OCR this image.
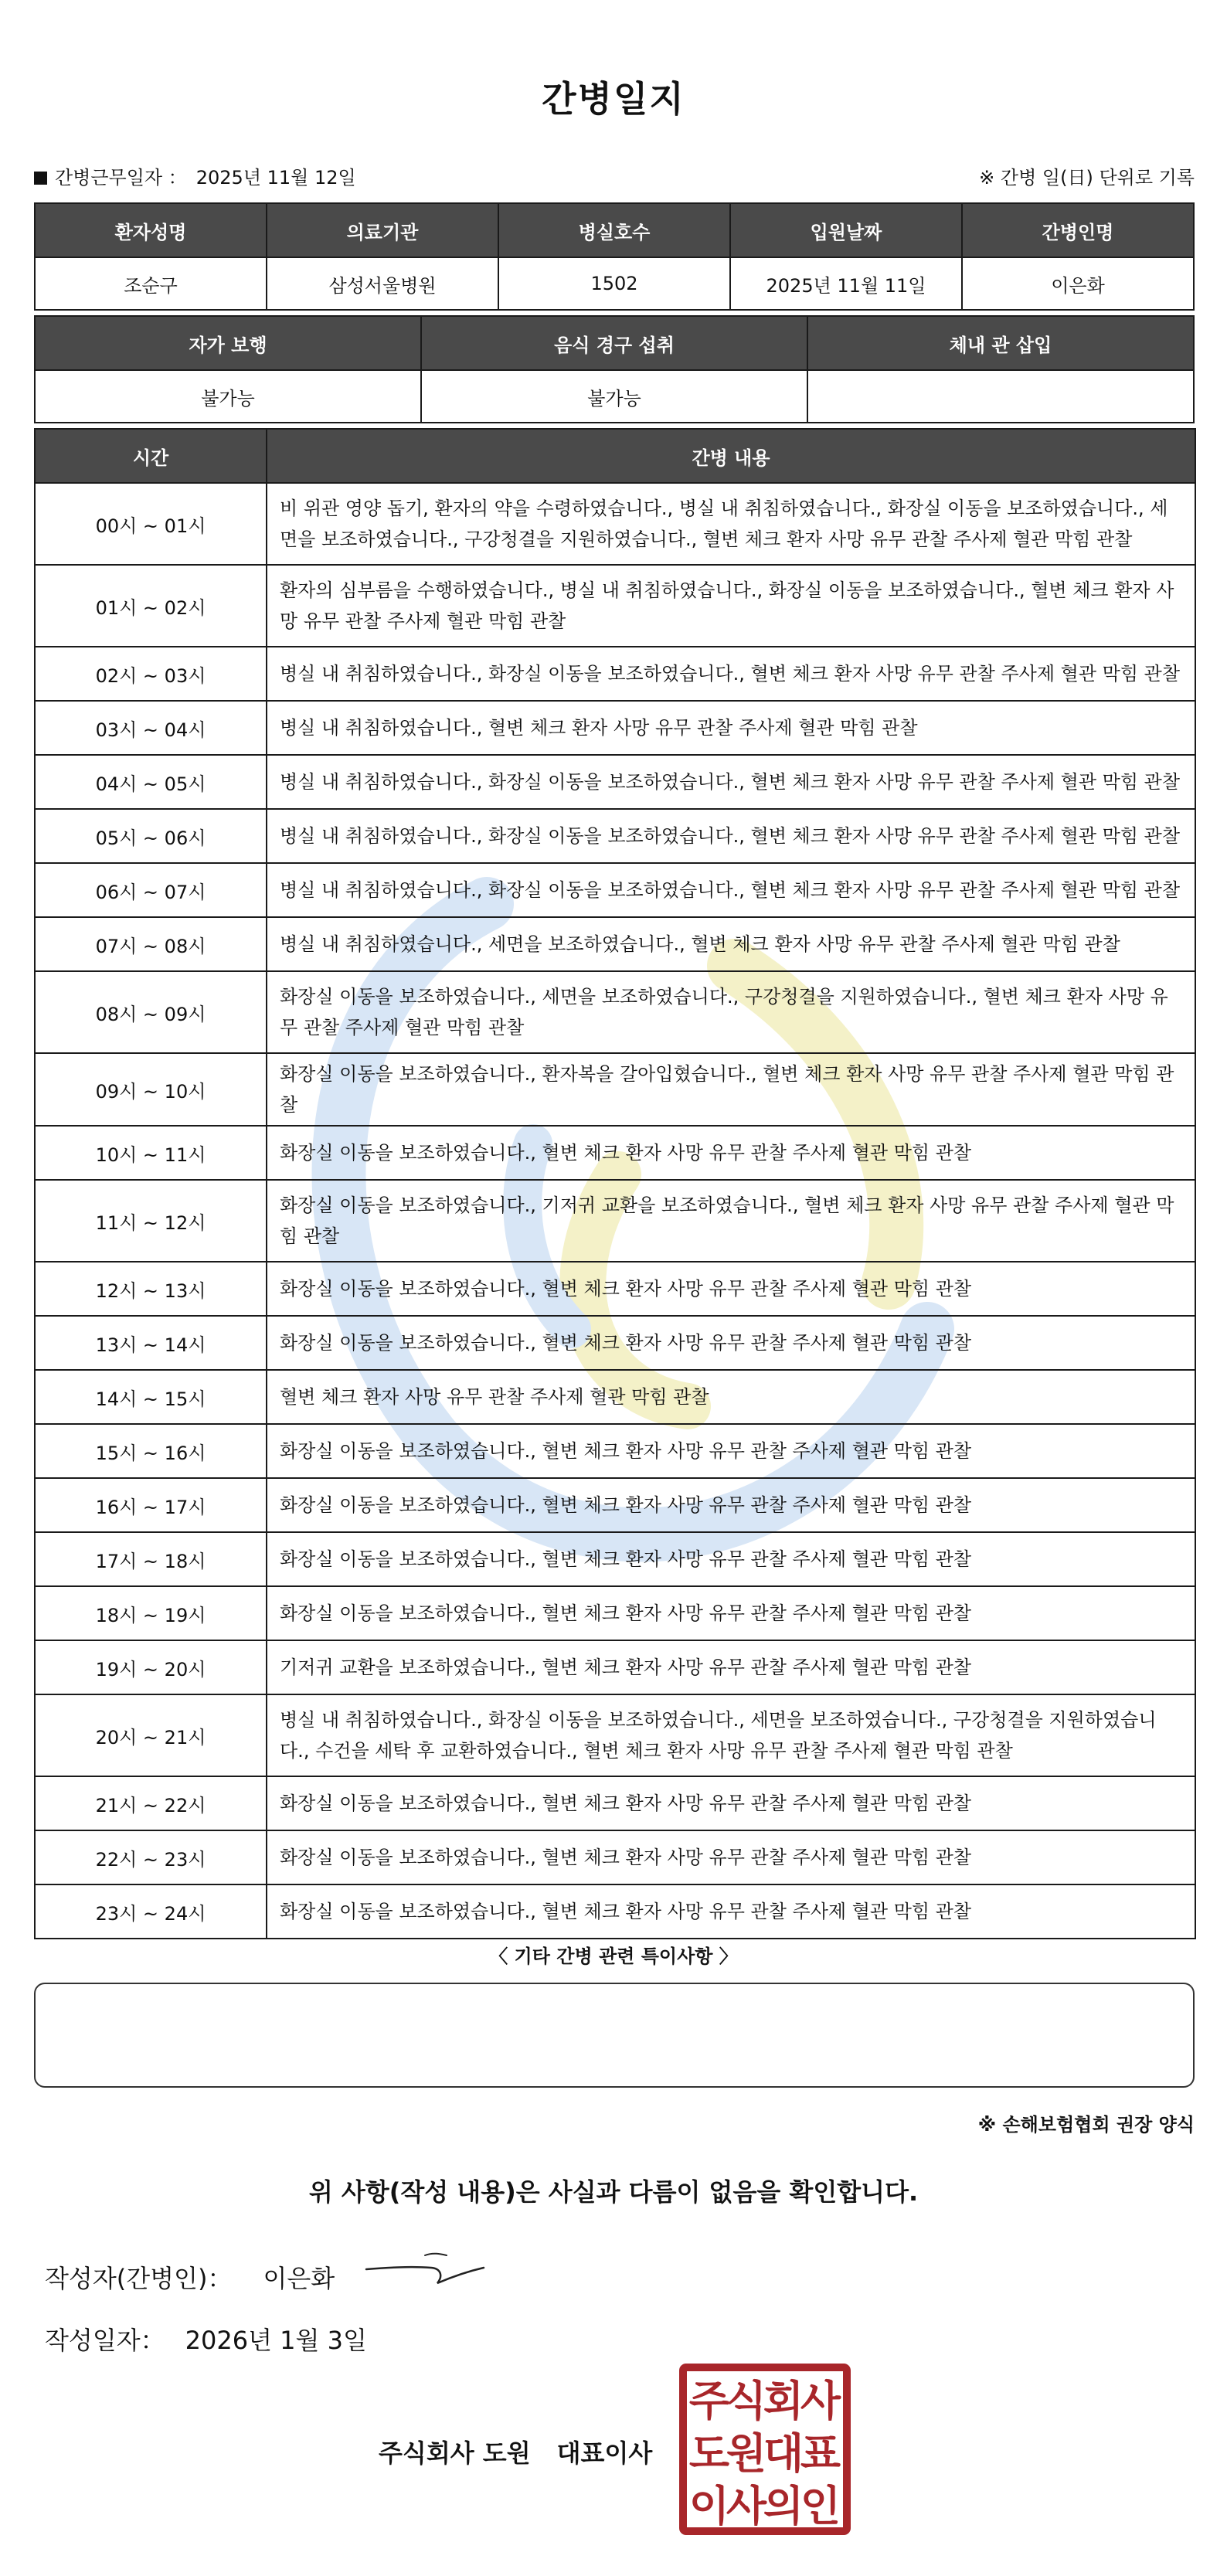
간병일지
간병근무일자 ： 2025년 11월 12일	※ 간병 일(日) 단위로 기록
환자성명	의료기관	병실호수	입원날짜	간병인명
조순구	삼성서울병원	1502	2025년 11월 11일	이은화
자가 보행	음식 경구 섭취	체내 관 삽입
불가능	불가능	
시간	간병 내용
00시 ~ 01시	비 위관 영양 돕기, 환자의 약을 수령하였습니다., 병실 내 취침하였습니다., 화장실 이동을 보조하였습니다., 세면을 보조하였습니다., 구강청결을 지원하였습니다., 혈변 체크 환자 사망 유무 관찰 주사제 혈관 막힘 관찰
01시 ~ 02시	환자의 심부름을 수행하였습니다., 병실 내 취침하였습니다., 화장실 이동을 보조하였습니다., 혈변 체크 환자 사망 유무 관찰 주사제 혈관 막힘 관찰
02시 ~ 03시	병실 내 취침하였습니다., 화장실 이동을 보조하였습니다., 혈변 체크 환자 사망 유무 관찰 주사제 혈관 막힘 관찰
03시 ~ 04시	병실 내 취침하였습니다., 혈변 체크 환자 사망 유무 관찰 주사제 혈관 막힘 관찰
04시 ~ 05시	병실 내 취침하였습니다., 화장실 이동을 보조하였습니다., 혈변 체크 환자 사망 유무 관찰 주사제 혈관 막힘 관찰
05시 ~ 06시	병실 내 취침하였습니다., 화장실 이동을 보조하였습니다., 혈변 체크 환자 사망 유무 관찰 주사제 혈관 막힘 관찰
06시 ~ 07시	병실 내 취침하였습니다., 화장실 이동을 보조하였습니다., 혈변 체크 환자 사망 유무 관찰 주사제 혈관 막힘 관찰
07시 ~ 08시	병실 내 취침하였습니다., 세면을 보조하였습니다., 혈변 체크 환자 사망 유무 관찰 주사제 혈관 막힘 관찰
08시 ~ 09시	화장실 이동을 보조하였습니다., 세면을 보조하였습니다., 구강청결을 지원하였습니다., 혈변 체크 환자 사망 유무 관찰 주사제 혈관 막힘 관찰
09시 ~ 10시	화장실 이동을 보조하였습니다., 환자복을 갈아입혔습니다., 혈변 체크 환자 사망 유무 관찰 주사제 혈관 막힘 관찰
10시 ~ 11시	화장실 이동을 보조하였습니다., 혈변 체크 환자 사망 유무 관찰 주사제 혈관 막힘 관찰
11시 ~ 12시	화장실 이동을 보조하였습니다., 기저귀 교환을 보조하였습니다., 혈변 체크 환자 사망 유무 관찰 주사제 혈관 막힘 관찰
12시 ~ 13시	화장실 이동을 보조하였습니다., 혈변 체크 환자 사망 유무 관찰 주사제 혈관 막힘 관찰
13시 ~ 14시	화장실 이동을 보조하였습니다., 혈변 체크 환자 사망 유무 관찰 주사제 혈관 막힘 관찰
14시 ~ 15시	혈변 체크 환자 사망 유무 관찰 주사제 혈관 막힘 관찰
15시 ~ 16시	화장실 이동을 보조하였습니다., 혈변 체크 환자 사망 유무 관찰 주사제 혈관 막힘 관찰
16시 ~ 17시	화장실 이동을 보조하였습니다., 혈변 체크 환자 사망 유무 관찰 주사제 혈관 막힘 관찰
17시 ~ 18시	화장실 이동을 보조하였습니다., 혈변 체크 환자 사망 유무 관찰 주사제 혈관 막힘 관찰
18시 ~ 19시	화장실 이동을 보조하였습니다., 혈변 체크 환자 사망 유무 관찰 주사제 혈관 막힘 관찰
19시 ~ 20시	기저귀 교환을 보조하였습니다., 혈변 체크 환자 사망 유무 관찰 주사제 혈관 막힘 관찰
20시 ~ 21시	병실 내 취침하였습니다., 화장실 이동을 보조하였습니다., 세면을 보조하였습니다., 구강청결을 지원하였습니다., 수건을 세탁 후 교환하였습니다., 혈변 체크 환자 사망 유무 관찰 주사제 혈관 막힘 관찰
21시 ~ 22시	화장실 이동을 보조하였습니다., 혈변 체크 환자 사망 유무 관찰 주사제 혈관 막힘 관찰
22시 ~ 23시	화장실 이동을 보조하였습니다., 혈변 체크 환자 사망 유무 관찰 주사제 혈관 막힘 관찰
23시 ~ 24시	화장실 이동을 보조하였습니다., 혈변 체크 환자 사망 유무 관찰 주사제 혈관 막힘 관찰
〈 기타 간병 관련 특이사항 〉
※ 손해보험협회 권장 양식
위 사항(작성 내용)은 사실과 다름이 없음을 확인합니다.
작성자(간병인)： 이은화
작성일자： 2026년 1월 3일
주식회사 도원 대표이사
주
식
회
사
도
원
대
표
이
사
의
인
